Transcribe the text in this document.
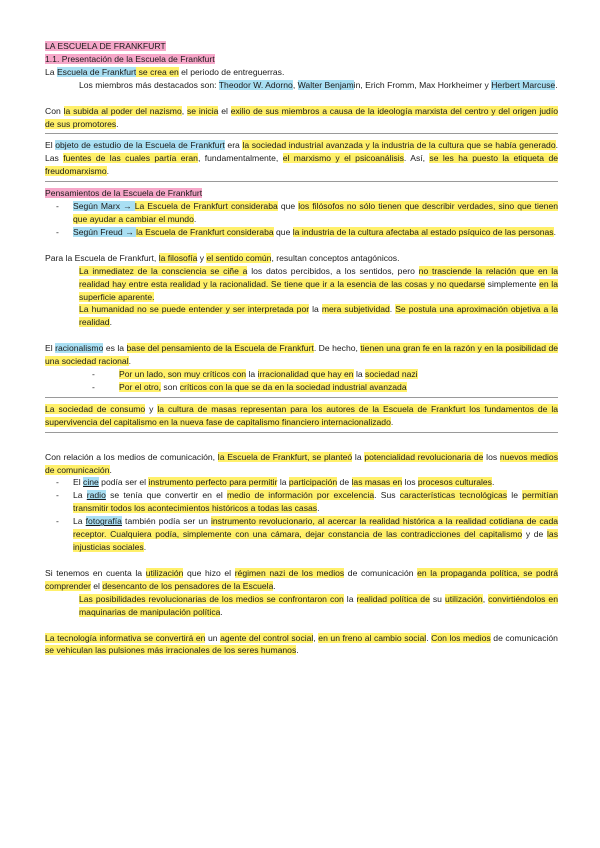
LA ESCUELA DE FRANKFURT

1.1. Presentación de la Escuela de Frankfurt

La Escuela de Frankfurt se crea en el periodo de entreguerras.

Los miembros más destacados son: Theodor W. Adorno, Walter Benjamin, Erich Fromm, Max Horkheimer y Herbert Marcuse.

Con la subida al poder del nazismo, se inicia el exilio de sus miembros a causa de la ideología marxista del centro y del origen judío de sus promotores.

El objeto de estudio de la Escuela de Frankfurt era la sociedad industrial avanzada y la industria de la cultura que se había generado. Las fuentes de las cuales partía eran, fundamentalmente, el marxismo y el psicoanálisis. Así, se les ha puesto la etiqueta de freudomarxismo.

Pensamientos de la Escuela de Frankfurt

- Según Marx → La Escuela de Frankfurt consideraba que los filósofos no sólo tienen que describir verdades, sino que tienen que ayudar a cambiar el mundo.
- Según Freud → la Escuela de Frankfurt consideraba que la industria de la cultura afectaba al estado psíquico de las personas.

Para la Escuela de Frankfurt, la filosofía y el sentido común, resultan conceptos antagónicos.

La inmediatez de la consciencia se ciñe a los datos percibidos, a los sentidos, pero no trasciende la relación que en la realidad hay entre esta realidad y la racionalidad. Se tiene que ir a la esencia de las cosas y no quedarse simplemente en la superficie aparente.

La humanidad no se puede entender y ser interpretada por la mera subjetividad. Se postula una aproximación objetiva a la realidad.

El racionalismo es la base del pensamiento de la Escuela de Frankfurt. De hecho, tienen una gran fe en la razón y en la posibilidad de una sociedad racional.

- Por un lado, son muy críticos con la irracionalidad que hay en la sociedad nazi
- Por el otro, son críticos con la que se da en la sociedad industrial avanzada

La sociedad de consumo y la cultura de masas representan para los autores de la Escuela de Frankfurt los fundamentos de la supervivencia del capitalismo en la nueva fase de capitalismo financiero internacionalizado.

Con relación a los medios de comunicación, la Escuela de Frankfurt, se planteó la potencialidad revolucionaria de los nuevos medios de comunicación.

- El cine podía ser el instrumento perfecto para permitir la participación de las masas en los procesos culturales.
- La radio se tenía que convertir en el medio de información por excelencia. Sus características tecnológicas le permitían transmitir todos los acontecimientos históricos a todas las casas.
- La fotografía también podía ser un instrumento revolucionario, al acercar la realidad histórica a la realidad cotidiana de cada receptor. Cualquiera podía, simplemente con una cámara, dejar constancia de las contradicciones del capitalismo y de las injusticias sociales.

Si tenemos en cuenta la utilización que hizo el régimen nazi de los medios de comunicación en la propaganda política, se podrá comprender el desencanto de los pensadores de la Escuela.

Las posibilidades revolucionarias de los medios se confrontaron con la realidad política de su utilización, convirtiéndolos en maquinarias de manipulación política.

La tecnología informativa se convertirá en un agente del control social, en un freno al cambio social. Con los medios de comunicación se vehiculan las pulsiones más irracionales de los seres humanos.
